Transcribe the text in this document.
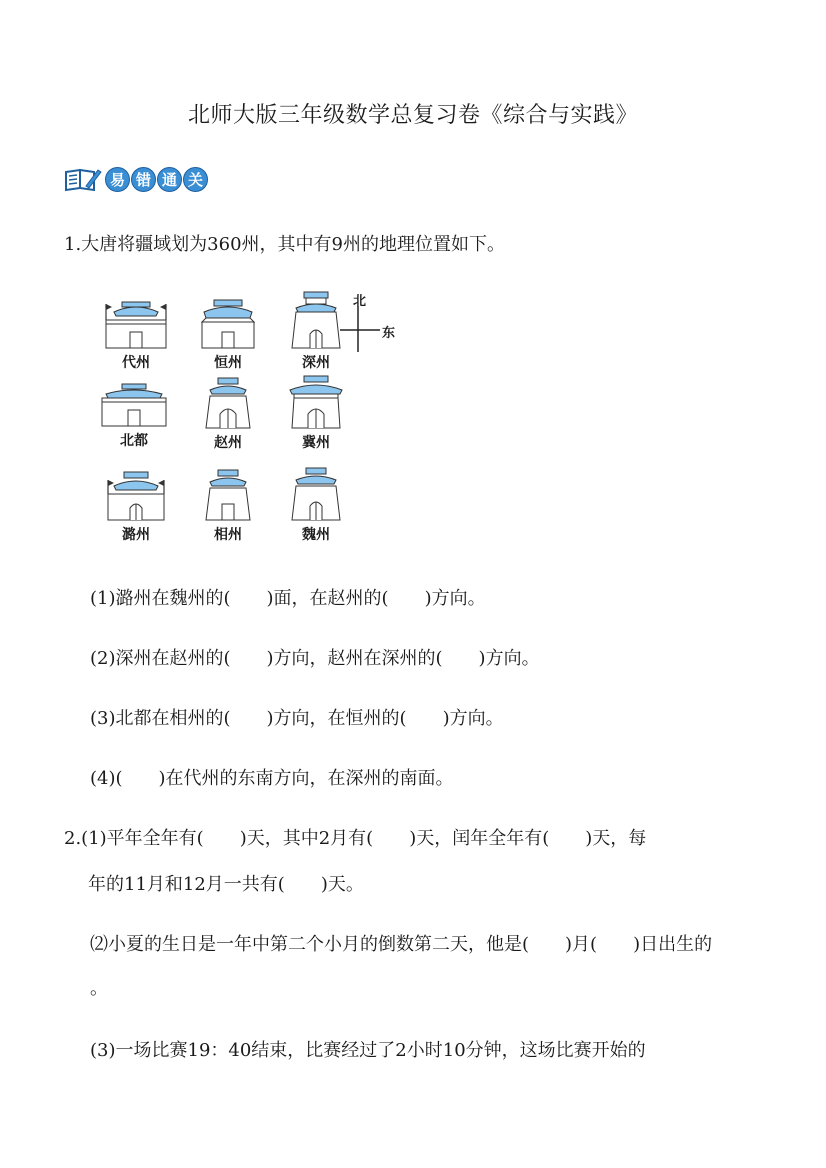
北师大版三年级数学总复习卷《综合与实践》
易 错 通 关
1.大唐将疆域划为360州，其中有9州的地理位置如下。
代州	恒州	深州
北
东
北都	赵州	冀州
潞州	相州	魏州
(1)潞州在魏州的(　　)面，在赵州的(　　)方向。
(2)深州在赵州的(　　)方向，赵州在深州的(　　)方向。
(3)北都在相州的(　　)方向，在恒州的(　　)方向。
(4)(　　)在代州的东南方向，在深州的南面。
2.(1)平年全年有(　　)天，其中2月有(　　)天，闰年全年有(　　)天，每
年的11月和12月一共有(　　)天。
⑵小夏的生日是一年中第二个小月的倒数第二天，他是(　　)月(　　)日出生的
。
(3)一场比赛19：40结束，比赛经过了2小时10分钟，这场比赛开始的
